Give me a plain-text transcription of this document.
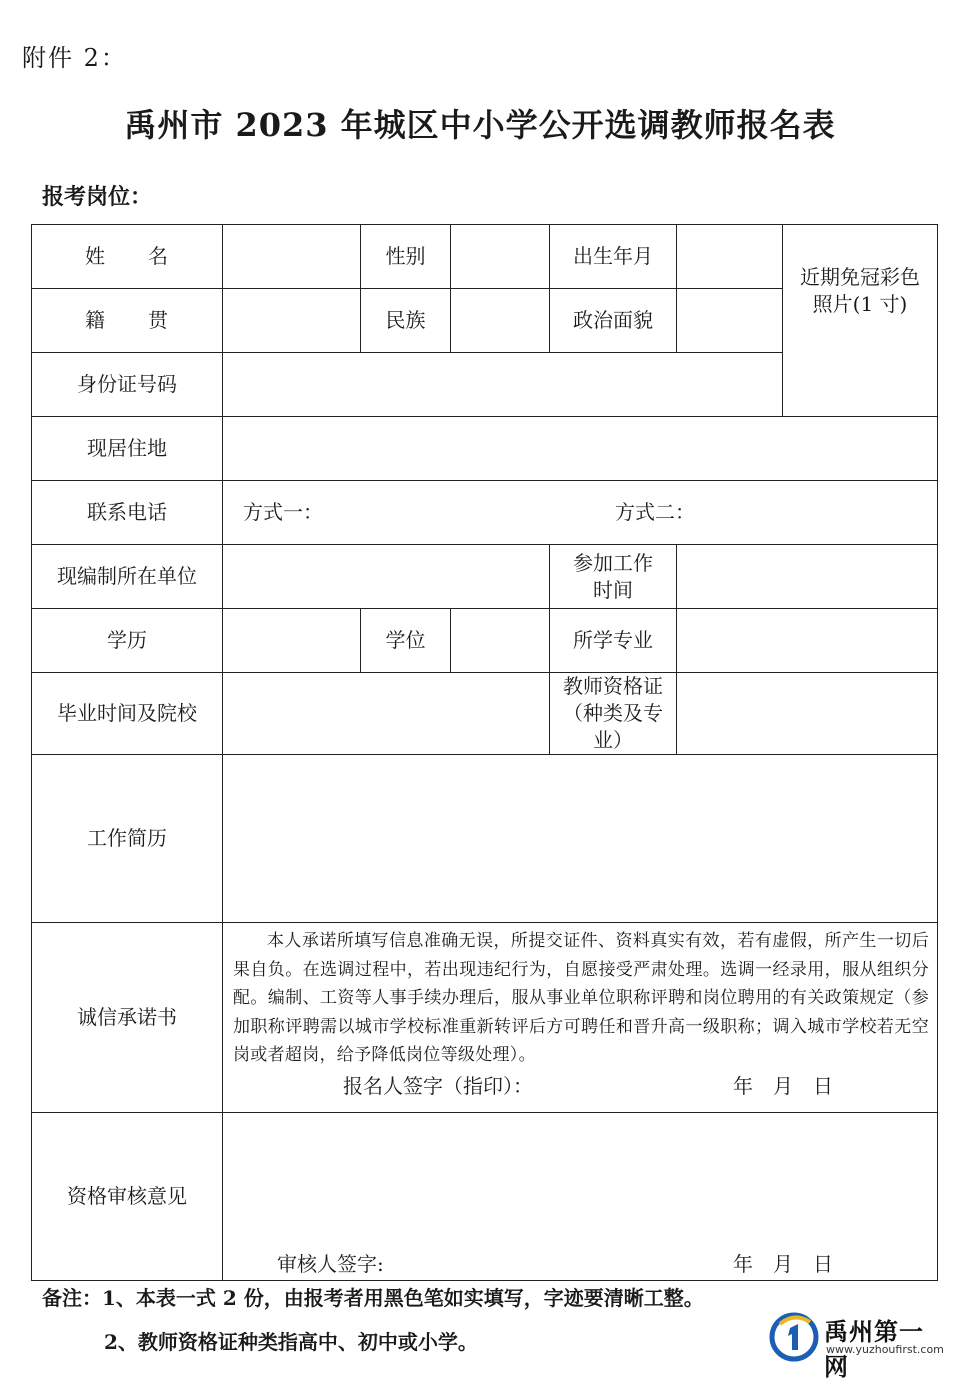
附件 2：
禹州市 2023 年城区中小学公开选调教师报名表
报考岗位：
姓　　名		性别		出生年月		近期免冠彩色照片(1 寸)

籍　　贯		民族		政治面貌		
身份证号码						
现居住地						
联系电话	方式一： 方式二：					

现编制所在单位				参加工作时间		

学历		学位		所学专业		
毕业时间及院校				教师资格证
（种类及专业）		

工作简历						
诚信承诺书	本人承诺所填写信息准确无误，所提交证件、资料真实有效，若有虚假，所产生一切后果自负。在选调过程中，若出现违纪行为，自愿接受严肃处理。选调一经录用，服从组织分配。编制、工资等人事手续办理后，服从事业单位职称评聘和岗位聘用的有关政策规定（参加职称评聘需以城市学校标准重新转评后方可聘任和晋升高一级职称；调入城市学校若无空岗或者超岗，给予降低岗位等级处理）。
报名人签字（指印）： 年　月　日					

资格审核意见	审核人签字: 年　月　日					
备注：1、本表一式 2 份，由报考者用黑色笔如实填写，字迹要清晰工整。
2、教师资格证种类指高中、初中或小学。	禹州第一网
www.yuzhoufirst.com
